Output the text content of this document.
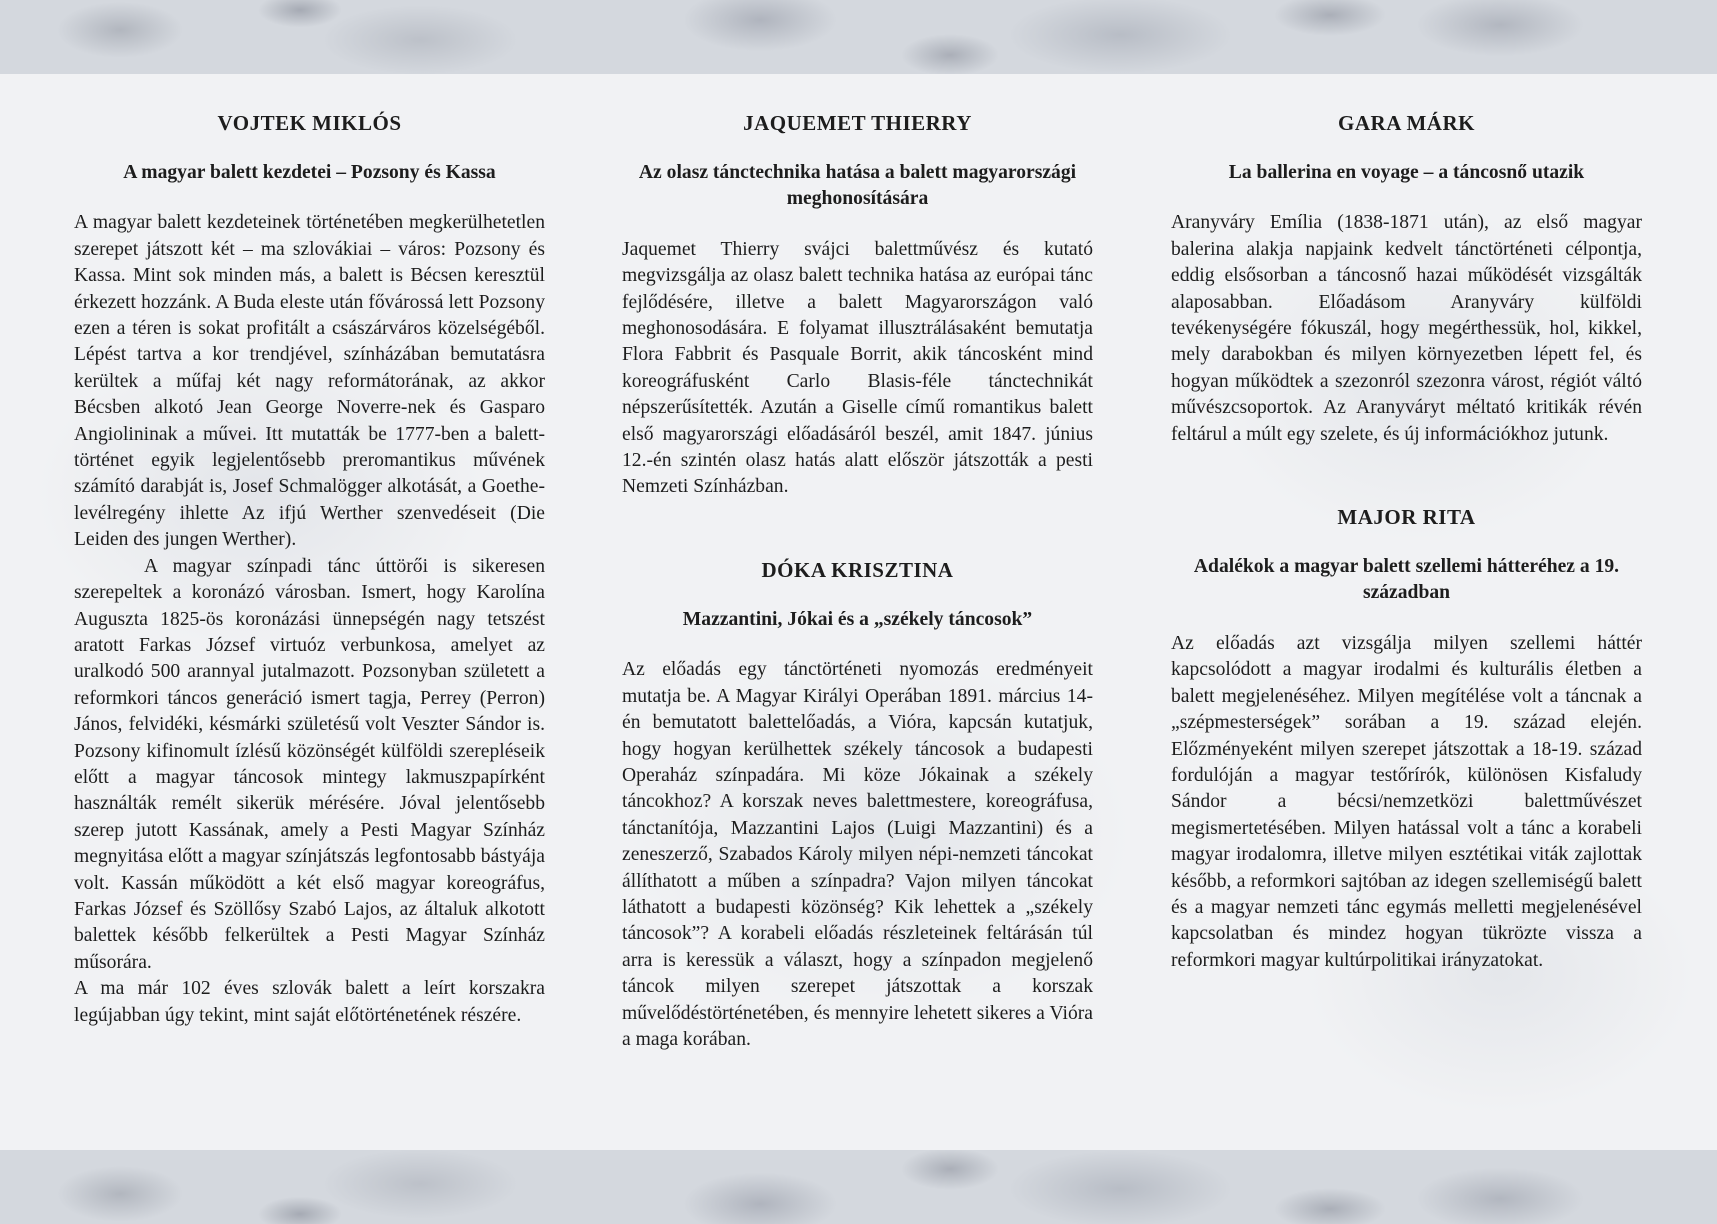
VOJTEK MIKLÓS
A magyar balett kezdetei – Pozsony és Kassa

A magyar balett kezdeteinek történetében megkerülhetetlen szerepet játszott két – ma szlovákiai – város: Pozsony és Kassa. Mint sok minden más, a balett is Bécsen keresztül érkezett hozzánk. A Buda eleste után fővárossá lett Pozsony ezen a téren is sokat profitált a császárváros közelségéből. Lépést tartva a kor trendjével, színházában bemutatásra kerültek a műfaj két nagy reformátorának, az akkor Bécsben alkotó Jean George Noverre-nek és Gasparo Angiolininak a művei. Itt mutatták be 1777-ben a balett-történet egyik legjelentősebb preromantikus művének számító darabját is, Josef Schmalögger alkotását, a Goethe-levélregény ihlette Az ifjú Werther szenvedéseit (Die Leiden des jungen Werther).

A magyar színpadi tánc úttörői is sikeresen szerepeltek a koronázó városban. Ismert, hogy Karolína Auguszta 1825-ös koronázási ünnepségén nagy tetszést aratott Farkas József virtuóz verbunkosa, amelyet az uralkodó 500 arannyal jutalmazott. Pozsonyban született a reformkori táncos generáció ismert tagja, Perrey (Perron) János, felvidéki, késmárki születésű volt Veszter Sándor is. Pozsony kifinomult ízlésű közönségét külföldi szerepléseik előtt a magyar táncosok mintegy lakmuszpapírként használták remélt sikerük mérésére. Jóval jelentősebb szerep jutott Kassának, amely a Pesti Magyar Színház megnyitása előtt a magyar színjátszás legfontosabb bástyája volt. Kassán működött a két első magyar koreográfus, Farkas József és Szöllősy Szabó Lajos, az általuk alkotott balettek később felkerültek a Pesti Magyar Színház műsorára.

A ma már 102 éves szlovák balett a leírt korszakra legújabban úgy tekint, mint saját előtörténetének részére.

JAQUEMET THIERRY
Az olasz tánctechnika hatása a balett magyarországi meghonosítására

Jaquemet Thierry svájci balettművész és kutató megvizsgálja az olasz balett technika hatása az európai tánc fejlődésére, illetve a balett Magyarországon való meghonosodására. E folyamat illusztrálásaként bemutatja Flora Fabbrit és Pasquale Borrit, akik táncosként mind koreográfusként Carlo Blasis-féle tánctechnikát népszerűsítették. Azután a Giselle című romantikus balett első magyarországi előadásáról beszél, amit 1847. június 12.-én szintén olasz hatás alatt először játszották a pesti Nemzeti Színházban.

DÓKA KRISZTINA
Mazzantini, Jókai és a „székely táncosok”

Az előadás egy tánctörténeti nyomozás eredményeit mutatja be. A Magyar Királyi Operában 1891. március 14-én bemutatott balettelőadás, a Vióra, kapcsán kutatjuk, hogy hogyan kerülhettek székely táncosok a budapesti Operaház színpadára. Mi köze Jókainak a székely táncokhoz? A korszak neves balettmestere, koreográfusa, tánctanítója, Mazzantini Lajos (Luigi Mazzantini) és a zeneszerző, Szabados Károly milyen népi-nemzeti táncokat állíthatott a műben a színpadra? Vajon milyen táncokat láthatott a budapesti közönség? Kik lehettek a „székely táncosok”? A korabeli előadás részleteinek feltárásán túl arra is keressük a választ, hogy a színpadon megjelenő táncok milyen szerepet játszottak a korszak művelődéstörténetében, és mennyire lehetett sikeres a Vióra a maga korában.

GARA MÁRK
La ballerina en voyage – a táncosnő utazik

Aranyváry Emília (1838-1871 után), az első magyar balerina alakja napjaink kedvelt tánctörténeti célpontja, eddig elsősorban a táncosnő hazai működését vizsgálták alaposabban. Előadásom Aranyváry külföldi tevékenységére fókuszál, hogy megérthessük, hol, kikkel, mely darabokban és milyen környezetben lépett fel, és hogyan működtek a szezonról szezonra várost, régiót váltó művészcsoportok. Az Aranyváryt méltató kritikák révén feltárul a múlt egy szelete, és új információkhoz jutunk.

MAJOR RITA
Adalékok a magyar balett szellemi hátteréhez a 19. században

Az előadás azt vizsgálja milyen szellemi háttér kapcsolódott a magyar irodalmi és kulturális életben a balett megjelenéséhez. Milyen megítélése volt a táncnak a „szépmesterségek” sorában a 19. század elején. Előzményeként milyen szerepet játszottak a 18-19. század fordulóján a magyar testőrírók, különösen Kisfaludy Sándor a bécsi/nemzetközi balettművészet megismertetésében. Milyen hatással volt a tánc a korabeli magyar irodalomra, illetve milyen esztétikai viták zajlottak később, a reformkori sajtóban az idegen szellemiségű balett és a magyar nemzeti tánc egymás melletti megjelenésével kapcsolatban és mindez hogyan tükrözte vissza a reformkori magyar kultúrpolitikai irányzatokat.
